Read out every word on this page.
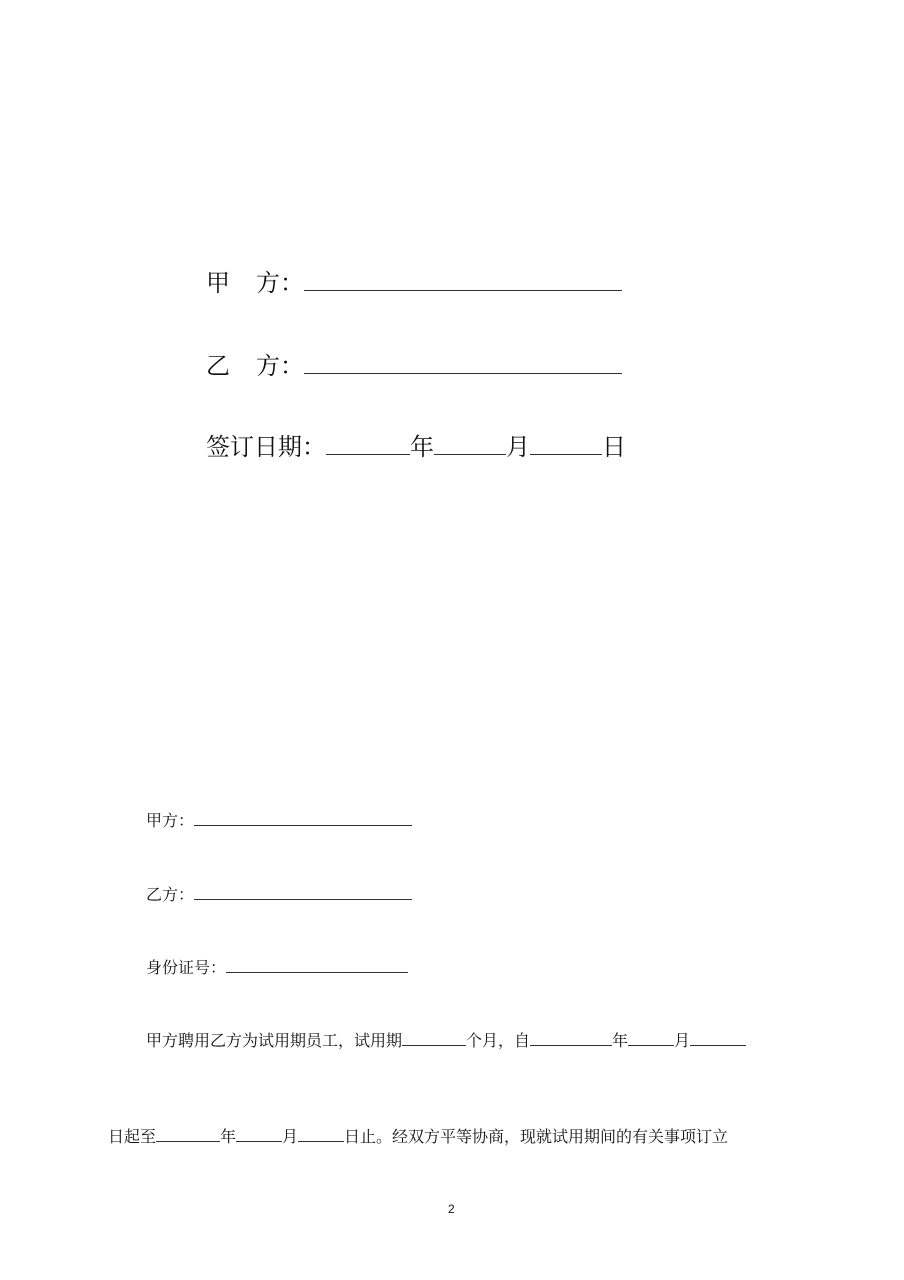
甲 方：
乙 方：
签订日期：	年	月	日
甲方：
乙方：
身份证号：
甲方聘用乙方为试用期员工，试用期	个月，自	年	月
日起至	年	月	日止。经双方平等协商，现就试用期间的有关事项订立
2
